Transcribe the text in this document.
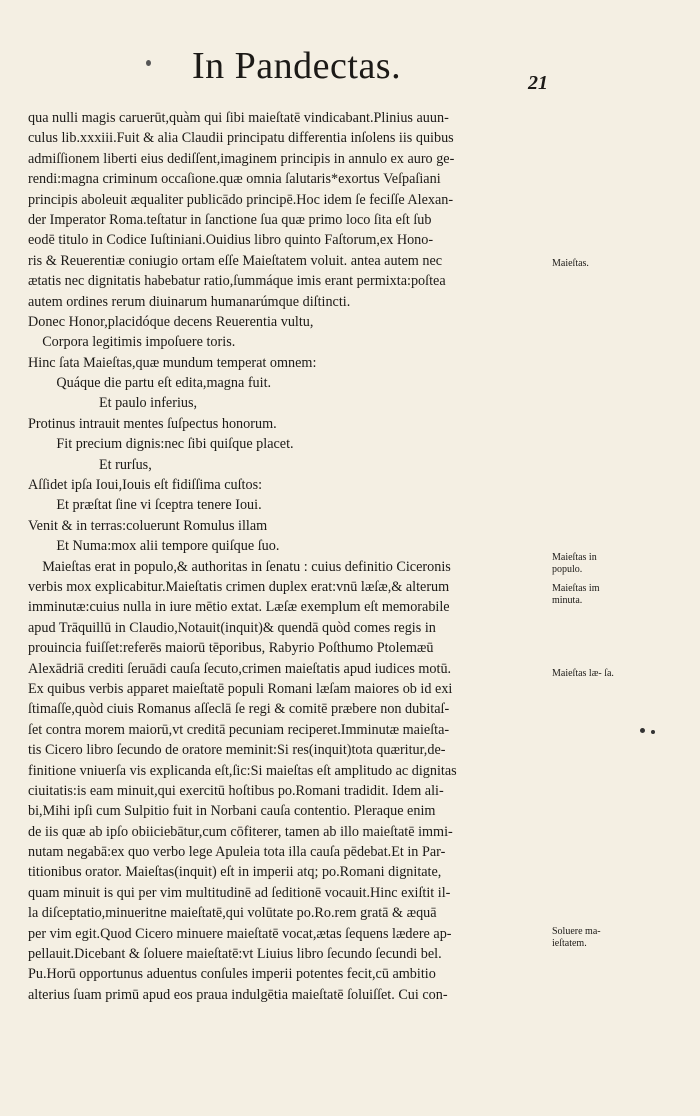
In Pandectas.	21
qua nulli magis caruerūt,quàm qui ſibi maieſtatē vindicabant.Plinius auun-
culus lib.xxxiii.Fuit & alia Claudii principatu differentia inſolens iis quibus
admiſſionem liberti eius dediſſent,imaginem principis in annulo ex auro ge-
rendi:magna criminum occaſione.quæ omnia ſalutaris*exortus Veſpaſiani
principis aboleuit æqualiter publicādo principē.Hoc idem ſe feciſſe Alexan-
der Imperator Roma.teſtatur in ſanctione ſua quæ primo loco ſita eſt ſub
eodē titulo in Codice Iuſtiniani.Ouidius libro quinto Faſtorum,ex Hono-
ris & Reuerentiæ coniugio ortam eſſe Maieſtatem voluit. antea autem nec
ætatis nec dignitatis habebatur ratio,ſummáque imis erant permixta:poſtea
autem ordines rerum diuinarum humanarúmque diſtincti.
Donec Honor,placidóque decens Reuerentia vultu,
Corpora legitimis impoſuere toris.
Hinc ſata Maieſtas,quæ mundum temperat omnem:
Quáque die partu eſt edita,magna fuit.
Et paulo inferius,
Protinus intrauit mentes ſuſpectus honorum.
Fit precium dignis:nec ſibi quiſque placet.
Et rurſus,
Aſſidet ipſa Ioui,Iouis eſt fidiſſima cuſtos:
Et præſtat ſine vi ſceptra tenere Ioui.
Venit & in terras:coluerunt Romulus illam
Et Numa:mox alii tempore quiſque ſuo.
Maieſtas erat in populo,& authoritas in ſenatu : cuius definitio Ciceronis
verbis mox explicabitur.Maieſtatis crimen duplex erat:vnū læſæ,& alterum
imminutæ:cuius nulla in iure mētio extat. Læſæ exemplum eſt memorabile
apud Trāquillū in Claudio,Notauit(inquit)& quendā quòd comes regis in
prouincia fuiſſet:referēs maiorū tēporibus, Rabyrio Poſthumo Ptolemæū
Alexādriā crediti ſeruādi cauſa ſecuto,crimen maieſtatis apud iudices motū.
Ex quibus verbis apparet maieſtatē populi Romani læſam maiores ob id exi
ſtimaſſe,quòd ciuis Romanus aſſeclā ſe regi & comitē præbere non dubitaſ-
ſet contra morem maiorū,vt creditā pecuniam reciperet.Imminutæ maieſta-
tis Cicero libro ſecundo de oratore meminit:Si res(inquit)tota quæritur,de-
finitione vniuerſa vis explicanda eſt,ſic:Si maieſtas eſt amplitudo ac dignitas
ciuitatis:is eam minuit,qui exercitū hoſtibus po.Romani tradidit. Idem ali-
bi,Mihi ipſi cum Sulpitio fuit in Norbani cauſa contentio. Pleraque enim
de iis quæ ab ipſo obiiciebātur,cum cōfiterer, tamen ab illo maieſtatē immi-
nutam negabā:ex quo verbo lege Apuleia tota illa cauſa pēdebat.Et in Par-
titionibus orator. Maieſtas(inquit) eſt in imperii atq; po.Romani dignitate,
quam minuit is qui per vim multitudinē ad ſeditionē vocauit.Hinc exiſtit il-
la diſceptatio,minueritne maieſtatē,qui volūtate po.Ro.rem gratā & æquā
per vim egit.Quod Cicero minuere maieſtatē vocat,ætas ſequens lædere ap-
pellauit.Dicebant & ſoluere maieſtatē:vt Liuius libro ſecundo ſecundi bel.
Pu.Horū opportunus aduentus conſules imperii potentes fecit,cū ambitio
alterius ſuam primū apud eos praua indulgētia maieſtatē ſoluiſſet. Cui con-
Maieſtas.
Maieſtas in populo.
Maieſtas im minuta.
Maieſtas læ- ſa.
Soluere ma- ieſtatem.
